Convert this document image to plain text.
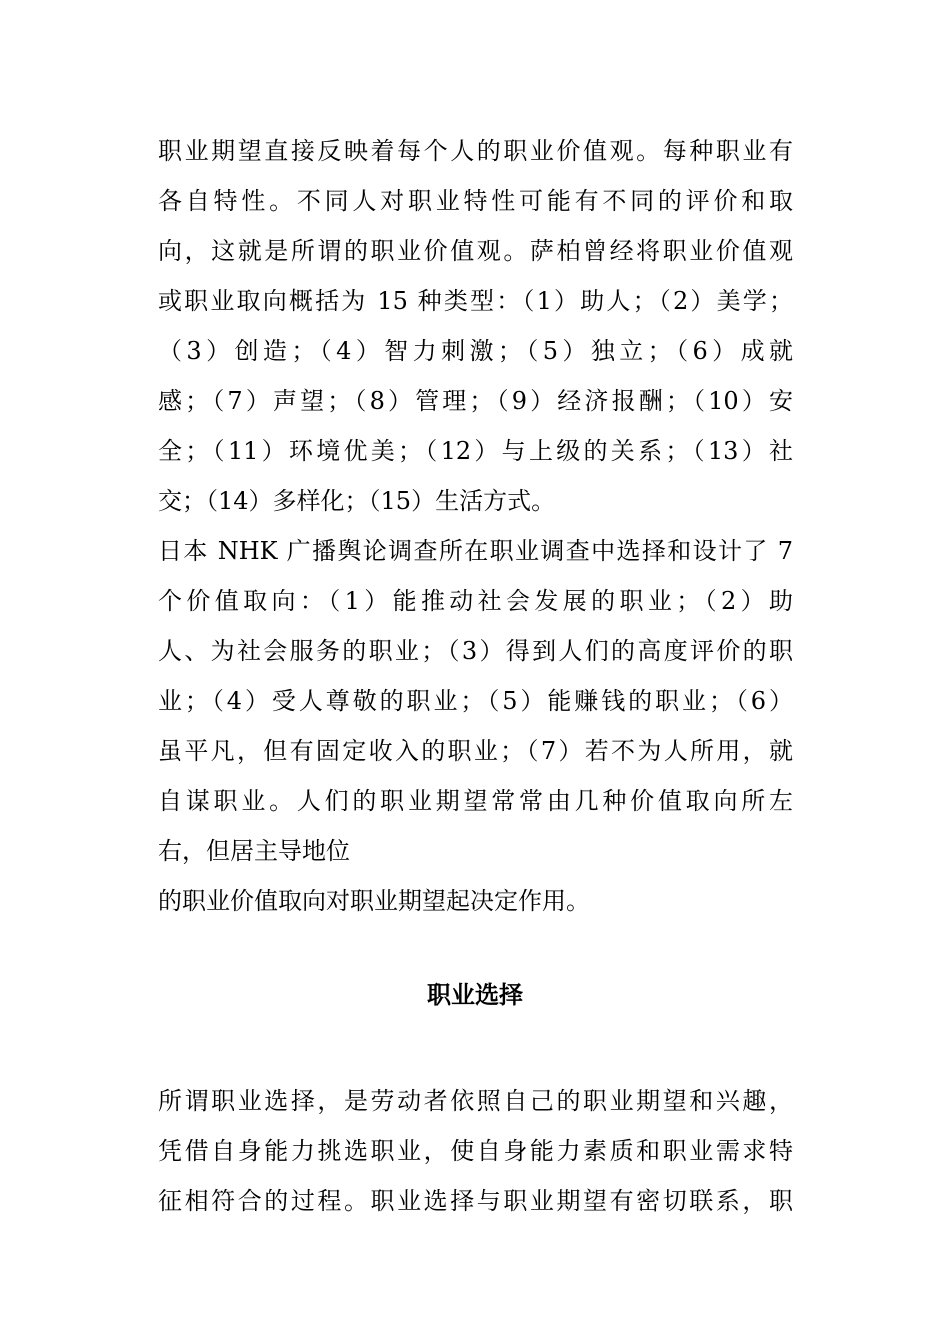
职业期望直接反映着每个人的职业价值观。每种职业有
各自特性。不同人对职业特性可能有不同的评价和取
向，这就是所谓的职业价值观。萨柏曾经将职业价值观
或职业取向概括为 15 种类型：（1）助人；（2）美学；
（3）创造；（4）智力刺激；（5）独立；（6）成就
感；（7）声望；（8）管理；（9）经济报酬；（10）安
全；（11）环境优美；（12）与上级的关系；（13）社
交；（14）多样化；（15）生活方式。
日本 NHK 广播舆论调查所在职业调查中选择和设计了 7
个价值取向：（1）能推动社会发展的职业；（2）助
人、为社会服务的职业；（3）得到人们的高度评价的职
业；（4）受人尊敬的职业；（5）能赚钱的职业；（6）
虽平凡，但有固定收入的职业；（7）若不为人所用，就
自谋职业。人们的职业期望常常由几种价值取向所左
右，但居主导地位
的职业价值取向对职业期望起决定作用。
职业选择
所谓职业选择，是劳动者依照自己的职业期望和兴趣，
凭借自身能力挑选职业，使自身能力素质和职业需求特
征相符合的过程。职业选择与职业期望有密切联系，职
